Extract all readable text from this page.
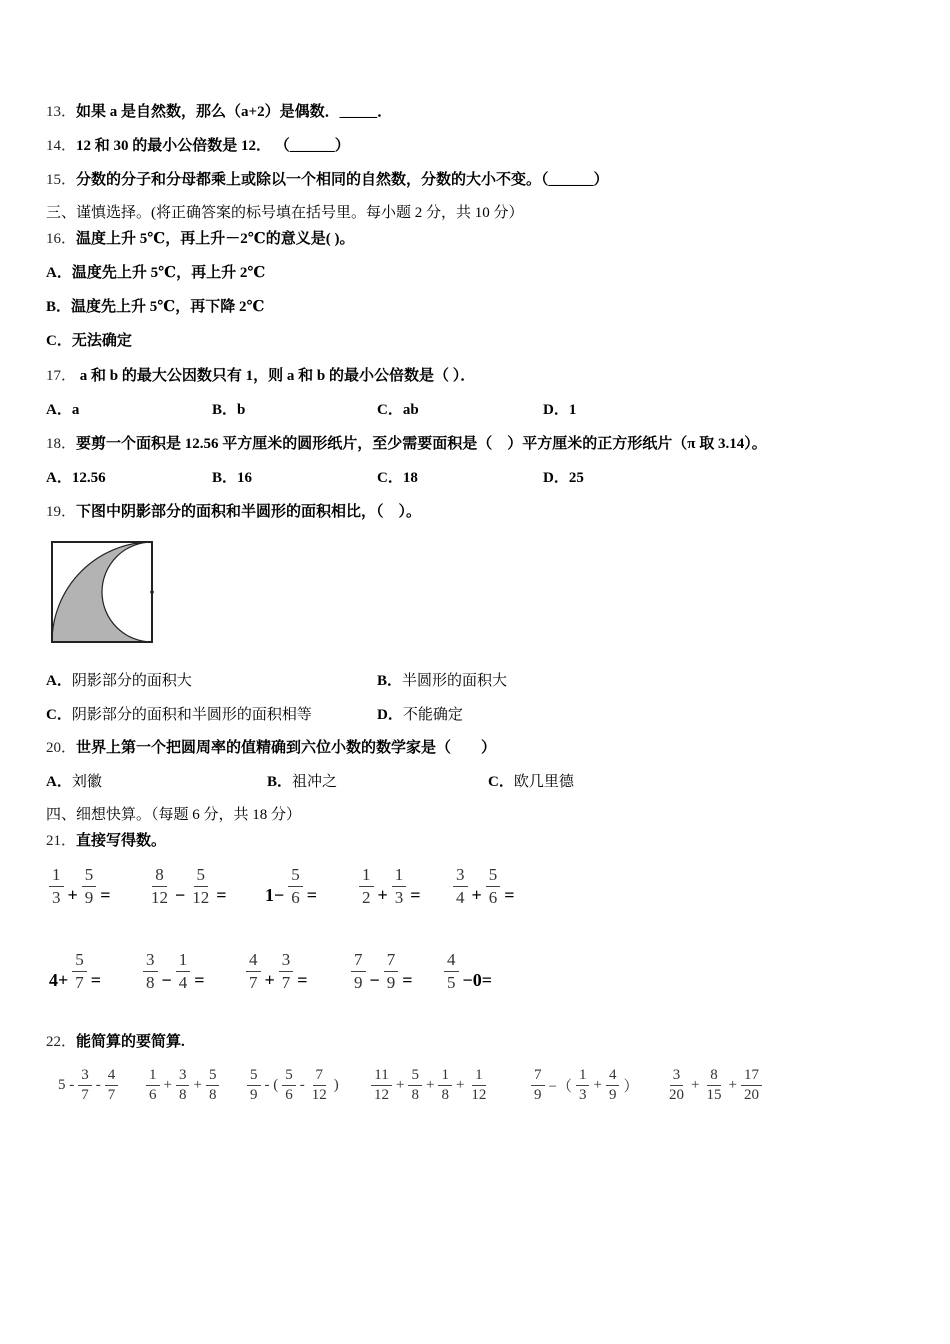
13．如果 a 是自然数，那么（a+2）是偶数．_____．
14．12 和 30 的最小公倍数是 12． （______）
15．分数的分子和分母都乘上或除以一个相同的自然数，分数的大小不变。（______）
三、谨慎选择。(将正确答案的标号填在括号里。每小题 2 分，共 10 分）
16．温度上升 5℃，再上升－2℃的意义是( )。
A．温度先上升 5℃，再上升 2℃
B．温度先上升 5℃，再下降 2℃
C．无法确定
17． a 和 b 的最大公因数只有 1，则 a 和 b 的最小公倍数是（ ）．
A．a	B．b	C．ab	D．1
18．要剪一个面积是 12.56 平方厘米的圆形纸片，至少需要面积是（　）平方厘米的正方形纸片（π 取 3.14）。
A．12.56	B．16	C．18	D．25
19．下图中阴影部分的面积和半圆形的面积相比，（　）。
A．阴影部分的面积大	B．半圆形的面积大
C．阴影部分的面积和半圆形的面积相等	D．不能确定
20．世界上第一个把圆周率的值精确到六位小数的数学家是（　　）
A．刘徽	B．祖冲之	C．欧几里德
四、细想快算。（每题 6 分，共 18 分）
21．直接写得数。
$\frac{1}{3} + \frac{5}{9} = \frac{8}{12} - \frac{5}{12} = 1- \frac{5}{6} = \frac{1}{2} + \frac{1}{3} = \frac{3}{4} + \frac{5}{6}$ =
$4+ \frac{5}{7} = \frac{3}{8} - \frac{1}{4} = \frac{4}{7} + \frac{3}{7}$ =	$\frac{7}{9} - \frac{7}{9} = \frac{4}{5} -0=$
22．能简算的要简算.
$5 - \frac{3}{7} - \frac{4}{7} \frac{1}{6} + \frac{3}{8} + \frac{5}{8} \frac{5}{9}$ - ( $\frac{5}{6} - \frac{7}{12}$ ) $\frac{11}{12} + \frac{5}{8} + \frac{1}{8} + \frac{1}{12}$	$\frac{7}{9}$ −（ $\frac{1}{3} + \frac{4}{9}$ ） $\frac{3}{20} + \frac{8}{15} + \frac{17}{20}$
